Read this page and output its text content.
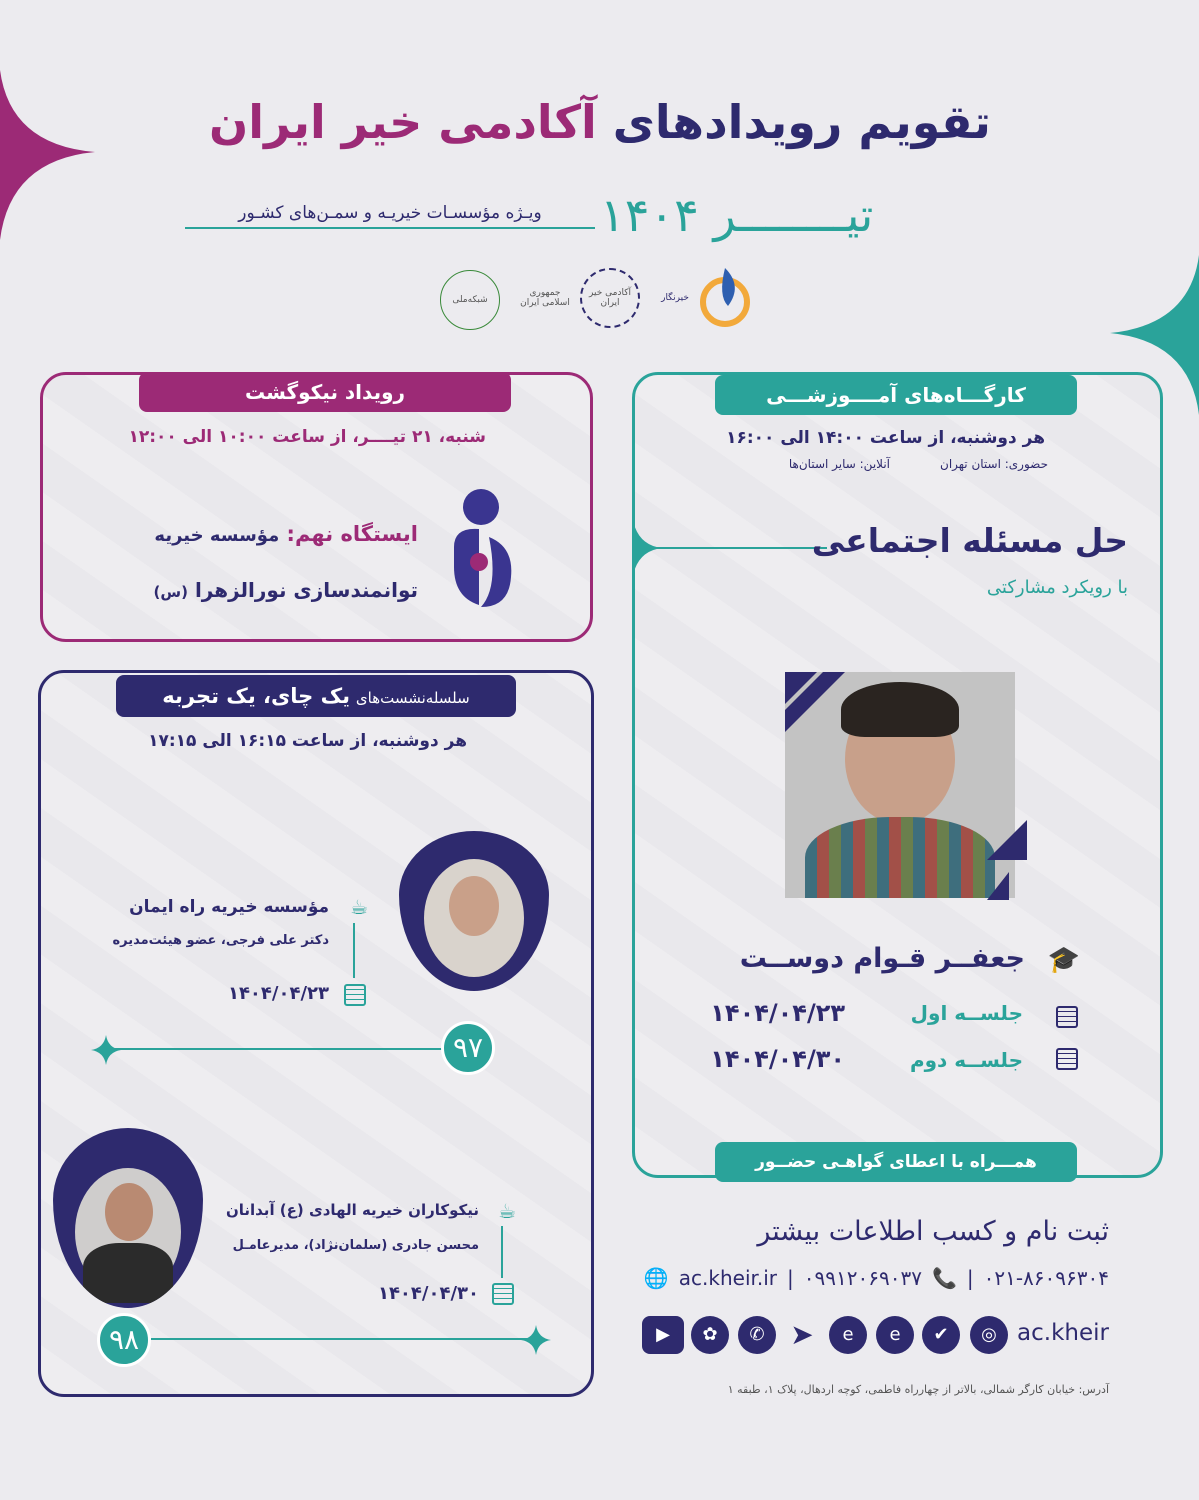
تقویم رویدادهای آکادمی خیر ایران
تیــــــــر ۱۴۰۴
ویـژه مؤسسـات خیریـه و سمـن‌های کشـور
شبکه‌ملی
جمهوری اسلامی ایران
آکادمی خیر ایران	خیرنگار
رویداد نیکوگشت
شنبه، ۲۱ تیــــر، از ساعت ۱۰:۰۰ الی ۱۲:۰۰
ایستگاه نهم: مؤسسه خیریه
توانمندسازی نورالزهرا (س)
سلسله‌نشست‌های یک چای، یک تجربه
هر دوشنبه، از ساعت ۱۶:۱۵ الی ۱۷:۱۵
مؤسسه خیریه راه ایمان
دکتر علی فرجی، عضو هیئت‌مدیره
۱۴۰۴/۰۴/۲۳
☕
۹۷
نیکوکاران خیریه الهادی (ع) آبدانان
محسن جادری (سلمان‌نژاد)، مدیرعامـل
۱۴۰۴/۰۴/۳۰
☕
۹۸
کارگـــاه‌های آمــــوزشـــی
هر دوشنبه، از ساعت ۱۴:۰۰ الی ۱۶:۰۰
حضوری: استان تهران
آنلاین: سایر استان‌ها
حل مسئله اجتماعی
با رویکرد مشارکتی
🎓
جعفــر قـوام دوســت
جلســه اول
۱۴۰۴/۰۴/۲۳
جلســه دوم
۱۴۰۴/۰۴/۳۰
همـــراه با اعطای گواهـی حضــور
ثبت نام و کسب اطلاعات بیشتر
۰۲۱-۸۶۰۹۶۳۰۴
|
📞
۰۹۹۱۲۰۶۹۰۳۷
|
ac.kheir.ir
🌐
ac.kheir
◎
✔
e
e
➤
✆
✿
▶
آدرس: خیابان کارگر شمالی، بالاتر از چهارراه فاطمی، کوچه اردهال، پلاک ۱، طبقه ۱
